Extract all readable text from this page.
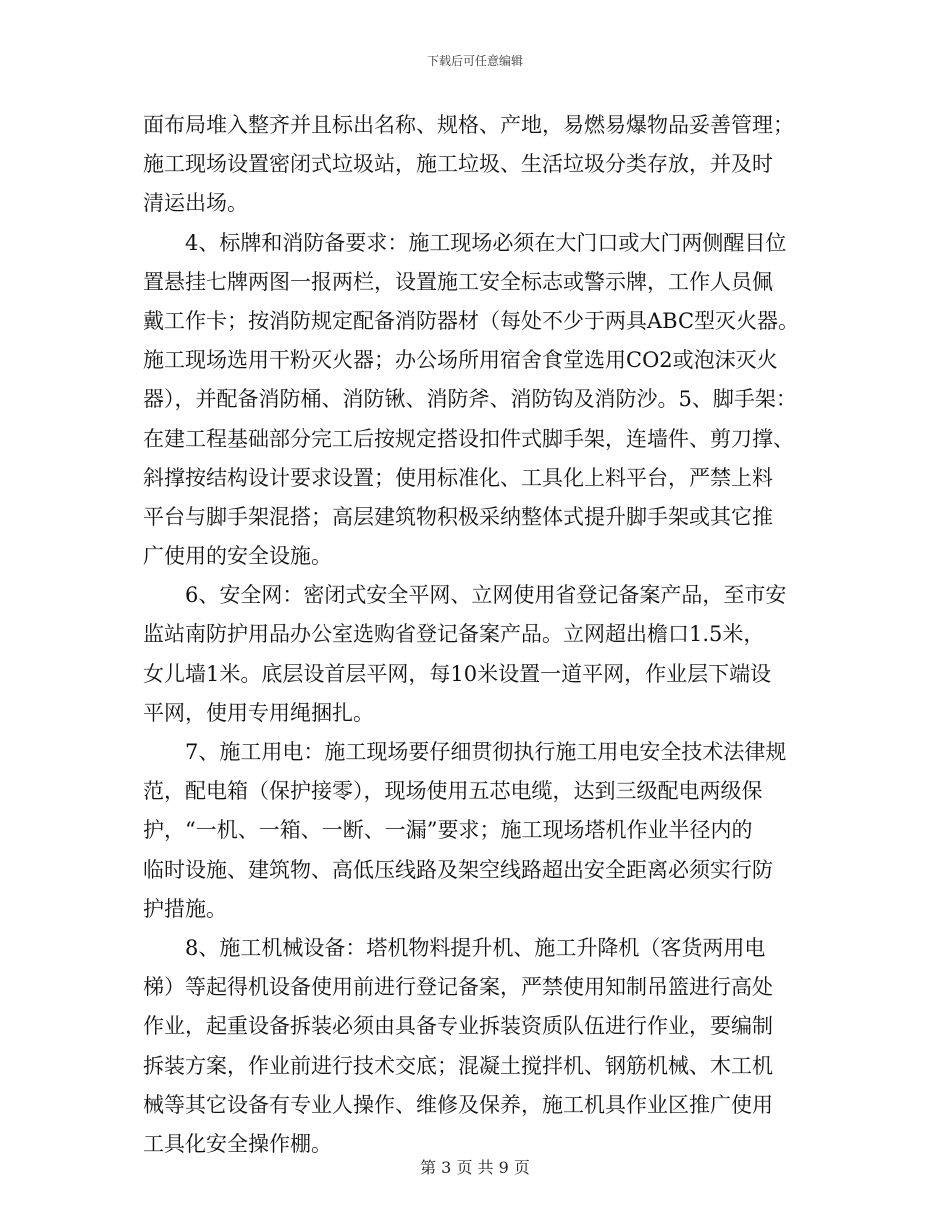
下载后可任意编辑
面布局堆入整齐并且标出名称、规格、产地，易燃易爆物品妥善管理；
施工现场设置密闭式垃圾站，施工垃圾、生活垃圾分类存放，并及时
清运出场。
4、标牌和消防备要求：施工现场必须在大门口或大门两侧醒目位
置悬挂七牌两图一报两栏，设置施工安全标志或警示牌，工作人员佩
戴工作卡；按消防规定配备消防器材（每处不少于两具ABC型灭火器。
施工现场选用干粉灭火器；办公场所用宿舍食堂选用CO2或泡沫灭火
器），并配备消防桶、消防锹、消防斧、消防钩及消防沙。5、脚手架：
在建工程基础部分完工后按规定搭设扣件式脚手架，连墙件、剪刀撑、
斜撑按结构设计要求设置；使用标准化、工具化上料平台，严禁上料
平台与脚手架混搭；高层建筑物积极采纳整体式提升脚手架或其它推
广使用的安全设施。
6、安全网：密闭式安全平网、立网使用省登记备案产品，至市安
监站南防护用品办公室选购省登记备案产品。立网超出檐口1.5米，
女儿墙1米。底层设首层平网，每10米设置一道平网，作业层下端设
平网，使用专用绳捆扎。
7、施工用电：施工现场要仔细贯彻执行施工用电安全技术法律规
范，配电箱（保护接零），现场使用五芯电缆，达到三级配电两级保
护，“一机、一箱、一断、一漏”要求；施工现场塔机作业半径内的
临时设施、建筑物、高低压线路及架空线路超出安全距离必须实行防
护措施。
8、施工机械设备：塔机物料提升机、施工升降机（客货两用电
梯）等起得机设备使用前进行登记备案，严禁使用知制吊篮进行高处
作业，起重设备拆装必须由具备专业拆装资质队伍进行作业，要编制
拆装方案，作业前进行技术交底；混凝土搅拌机、钢筋机械、木工机
械等其它设备有专业人操作、维修及保养，施工机具作业区推广使用
工具化安全操作棚。
第 3 页 共 9 页
